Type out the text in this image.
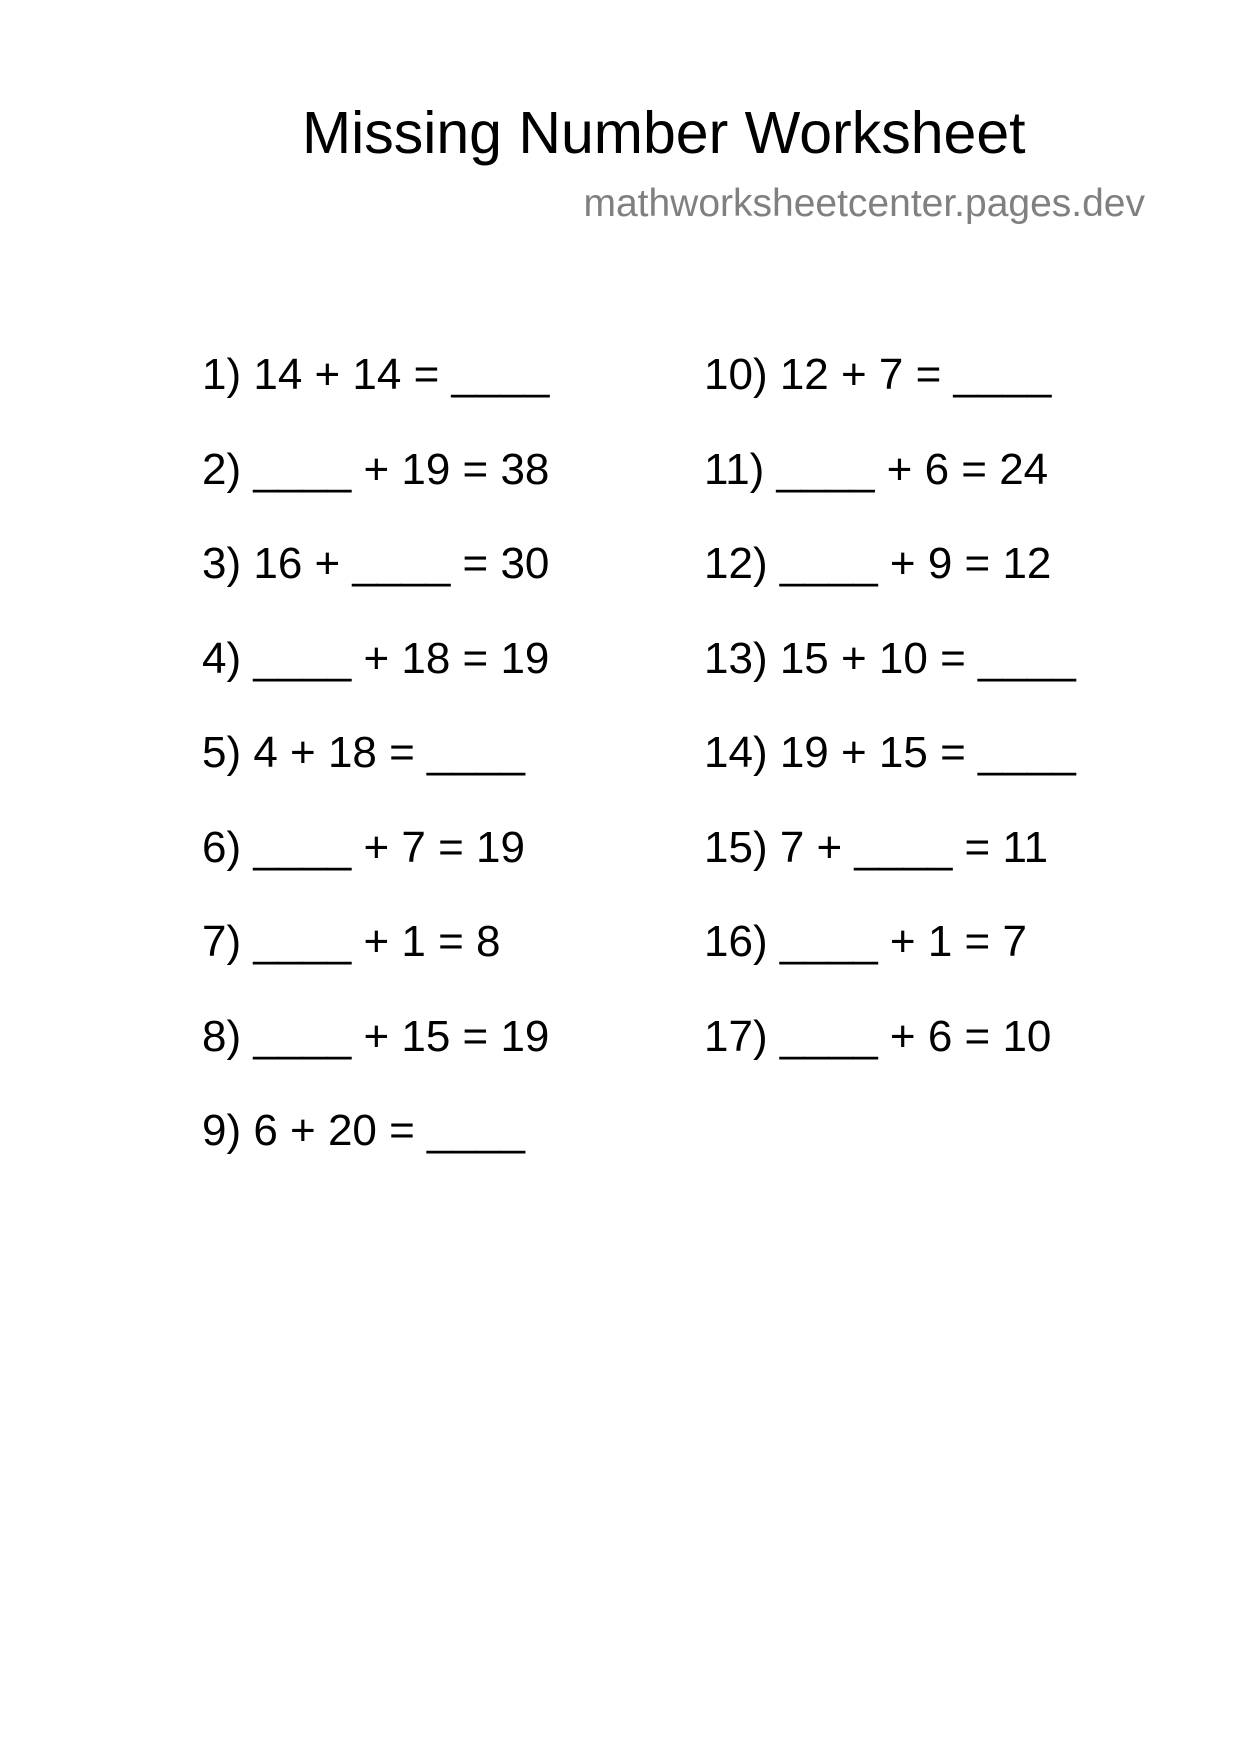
Missing Number Worksheet
mathworksheetcenter.pages.dev
1) 14 + 14 = ____
2) ____ + 19 = 38
3) 16 + ____ = 30
4) ____ + 18 = 19
5) 4 + 18 = ____
6) ____ + 7 = 19
7) ____ + 1 = 8
8) ____ + 15 = 19
9) 6 + 20 = ____
10) 12 + 7 = ____
11) ____ + 6 = 24
12) ____ + 9 = 12
13) 15 + 10 = ____
14) 19 + 15 = ____
15) 7 + ____ = 11
16) ____ + 1 = 7
17) ____ + 6 = 10
